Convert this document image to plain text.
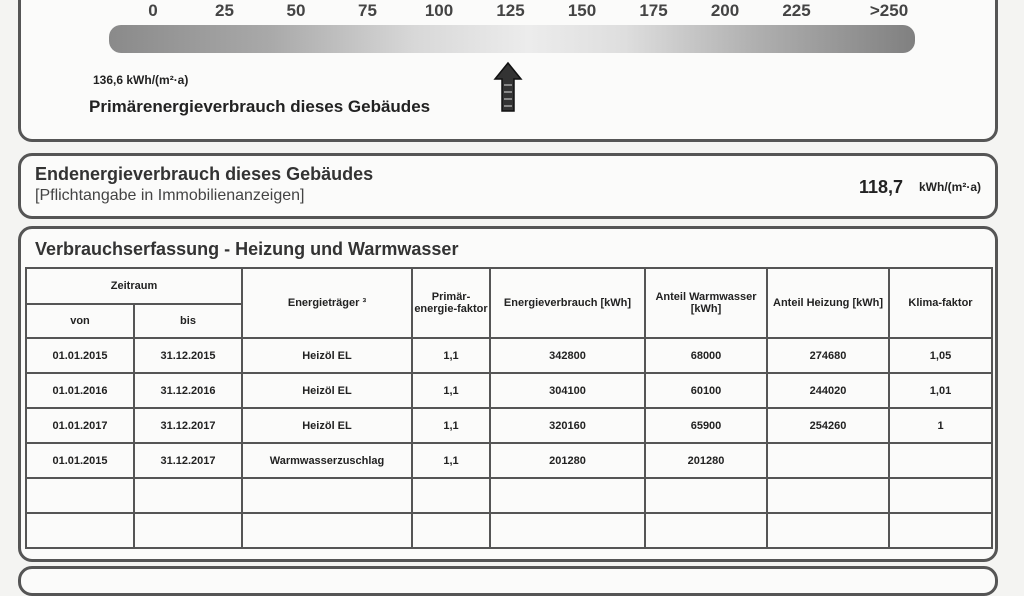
0	25	50	75	100	125	150	175	200	225	>250
136,6 kWh/(m²·a)
Primärenergieverbrauch dieses Gebäudes
Endenergieverbrauch dieses Gebäudes
[Pflichtangabe in Immobilienanzeigen]	118,7 kWh/(m²·a)
Verbrauchserfassung - Heizung und Warmwasser
Zeitraum		Energieträger ³	Primär-energie-faktor	Energieverbrauch [kWh]	Anteil Warmwasser [kWh]	Anteil Heizung [kWh]	Klima-faktor
von	bis						
01.01.2015	31.12.2015	Heizöl EL	1,1	342800	68000	274680	1,05
01.01.2016	31.12.2016	Heizöl EL	1,1	304100	60100	244020	1,01
01.01.2017	31.12.2017	Heizöl EL	1,1	320160	65900	254260	1
01.01.2015	31.12.2017	Warmwasserzuschlag	1,1	201280	201280		
